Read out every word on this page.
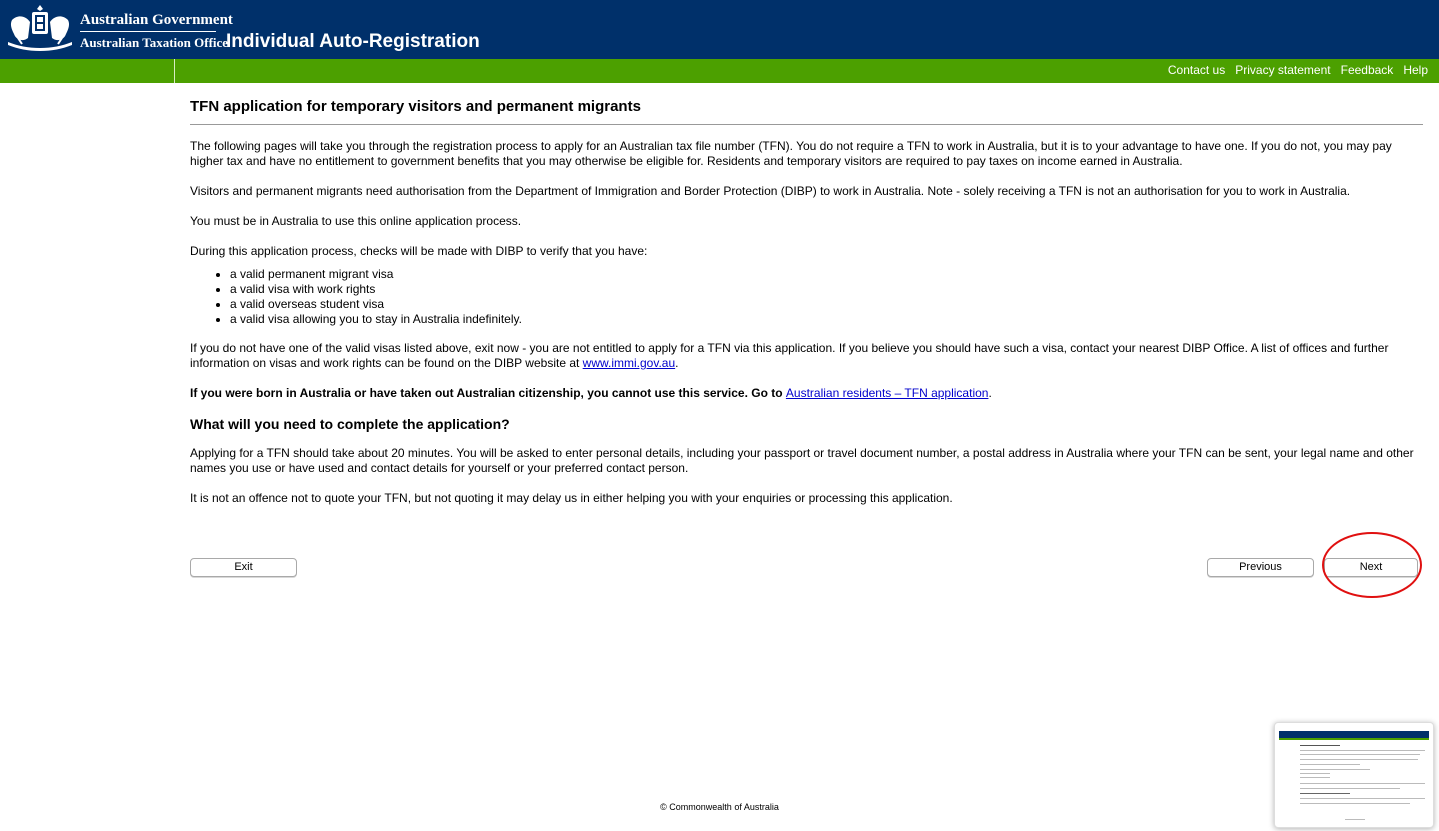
Australian Government
Australian Taxation Office
Individual Auto-Registration
Contact us Privacy statement Feedback Help
TFN application for temporary visitors and permanent migrants

The following pages will take you through the registration process to apply for an Australian tax file number (TFN). You do not require a TFN to work in Australia, but it is to your advantage to have one. If you do not, you may pay higher tax and have no entitlement to government benefits that you may otherwise be eligible for. Residents and temporary visitors are required to pay taxes on income earned in Australia.

Visitors and permanent migrants need authorisation from the Department of Immigration and Border Protection (DIBP) to work in Australia. Note - solely receiving a TFN is not an authorisation for you to work in Australia.

You must be in Australia to use this online application process.

During this application process, checks will be made with DIBP to verify that you have:

• a valid permanent migrant visa
• a valid visa with work rights
• a valid overseas student visa
• a valid visa allowing you to stay in Australia indefinitely.

If you do not have one of the valid visas listed above, exit now - you are not entitled to apply for a TFN via this application. If you believe you should have such a visa, contact your nearest DIBP Office. A list of offices and further information on visas and work rights can be found on the DIBP website at www.immi.gov.au.

If you were born in Australia or have taken out Australian citizenship, you cannot use this service. Go to Australian residents – TFN application.

What will you need to complete the application?

Applying for a TFN should take about 20 minutes. You will be asked to enter personal details, including your passport or travel document number, a postal address in Australia where your TFN can be sent, your legal name and other names you use or have used and contact details for yourself or your preferred contact person.

It is not an offence not to quote your TFN, but not quoting it may delay us in either helping you with your enquiries or processing this application.

Exit	Previous	Next
© Commonwealth of Australia
